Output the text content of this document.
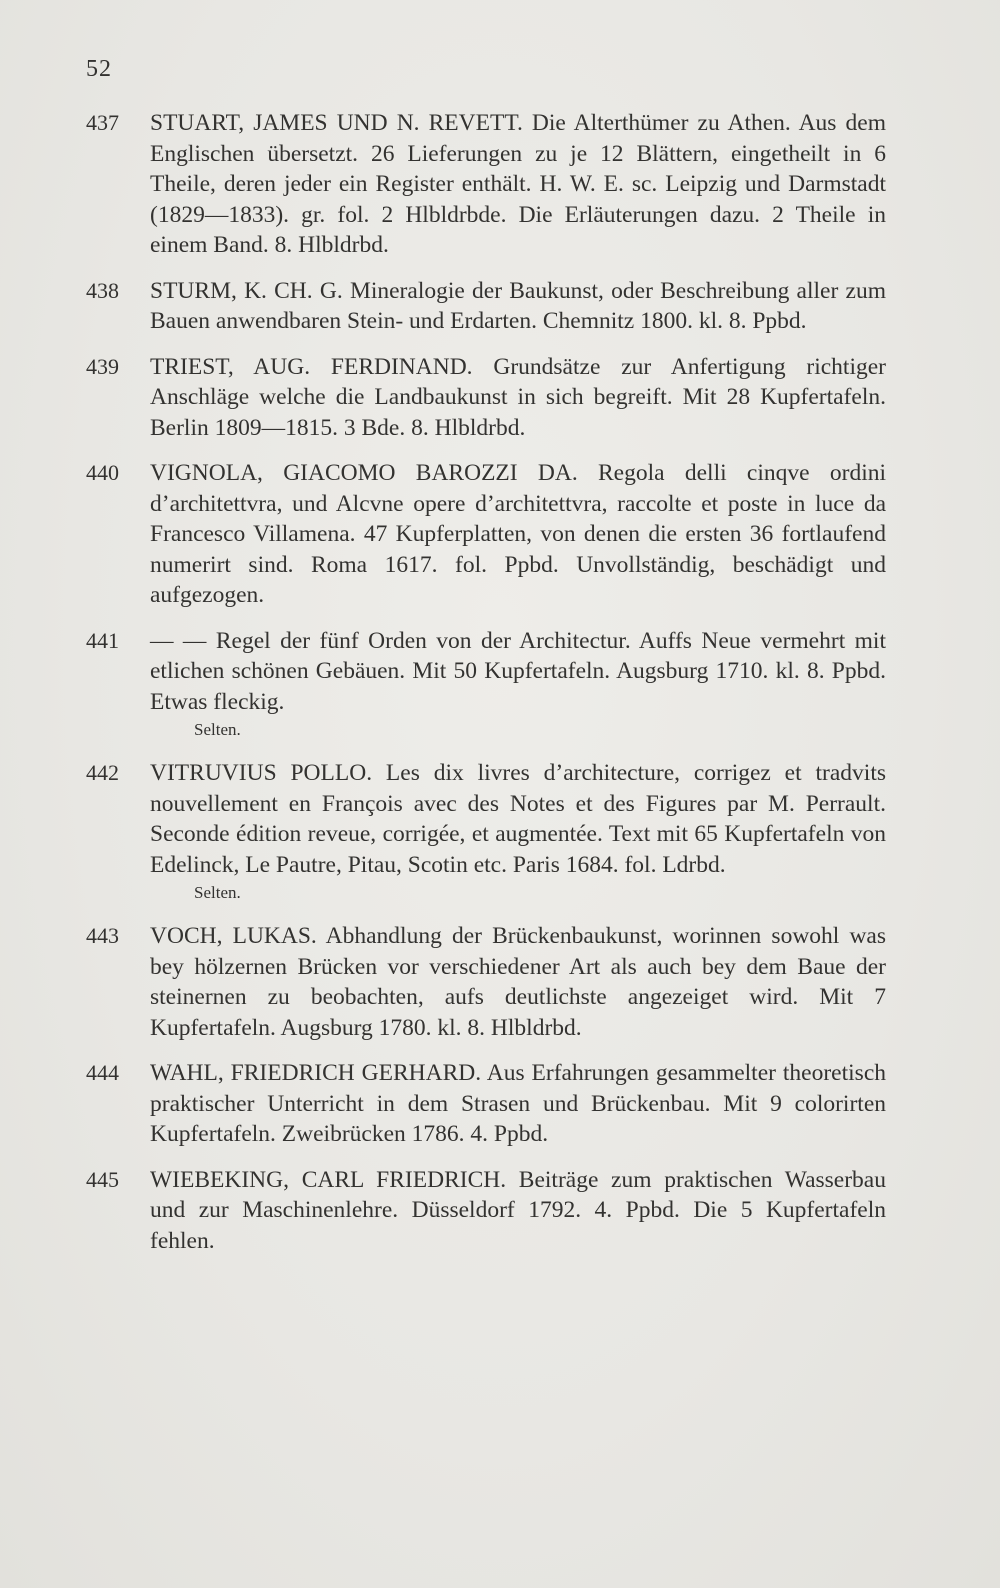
52
437	STUART, JAMES UND N. REVETT. Die Alterthümer zu Athen. Aus dem Englischen übersetzt. 26 Lieferungen zu je 12 Blättern, eingetheilt in 6 Theile, deren jeder ein Register enthält. H. W. E. sc. Leipzig und Darmstadt (1829—1833). gr. fol. 2 Hlbldrbde. Die Erläuterungen dazu. 2 Theile in einem Band. 8. Hlbldrbd.
438	STURM, K. CH. G. Mineralogie der Baukunst, oder Beschreibung aller zum Bauen anwendbaren Stein- und Erdarten. Chemnitz 1800. kl. 8. Ppbd.
439	TRIEST, AUG. FERDINAND. Grundsätze zur Anfertigung richtiger Anschläge welche die Landbaukunst in sich begreift. Mit 28 Kupfertafeln. Berlin 1809—1815. 3 Bde. 8. Hlbldrbd.
440	VIGNOLA, GIACOMO BAROZZI DA. Regola delli cinqve ordini d’architettvra, und Alcvne opere d’architettvra, raccolte et poste in luce da Francesco Villamena. 47 Kupferplatten, von denen die ersten 36 fortlaufend numerirt sind. Roma 1617. fol. Ppbd. Unvollständig, beschädigt und aufgezogen.
441	— — Regel der fünf Orden von der Architectur. Auffs Neue vermehrt mit etlichen schönen Gebäuen. Mit 50 Kupfertafeln. Augsburg 1710. kl. 8. Ppbd. Etwas fleckig.
Selten.
442	VITRUVIUS POLLO. Les dix livres d’architecture, corrigez et tradvits nouvellement en François avec des Notes et des Figures par M. Perrault. Seconde édition reveue, corrigée, et augmentée. Text mit 65 Kupfertafeln von Edelinck, Le Pautre, Pitau, Scotin etc. Paris 1684. fol. Ldrbd.
Selten.
443	VOCH, LUKAS. Abhandlung der Brückenbaukunst, worinnen sowohl was bey hölzernen Brücken vor verschiedener Art als auch bey dem Baue der steinernen zu beobachten, aufs deutlichste angezeiget wird. Mit 7 Kupfertafeln. Augsburg 1780. kl. 8. Hlbldrbd.
444	WAHL, FRIEDRICH GERHARD. Aus Erfahrungen gesammelter theoretisch praktischer Unterricht in dem Strasen und Brückenbau. Mit 9 colorirten Kupfertafeln. Zweibrücken 1786. 4. Ppbd.
445	WIEBEKING, CARL FRIEDRICH. Beiträge zum praktischen Wasserbau und zur Maschinenlehre. Düsseldorf 1792. 4. Ppbd. Die 5 Kupfertafeln fehlen.
